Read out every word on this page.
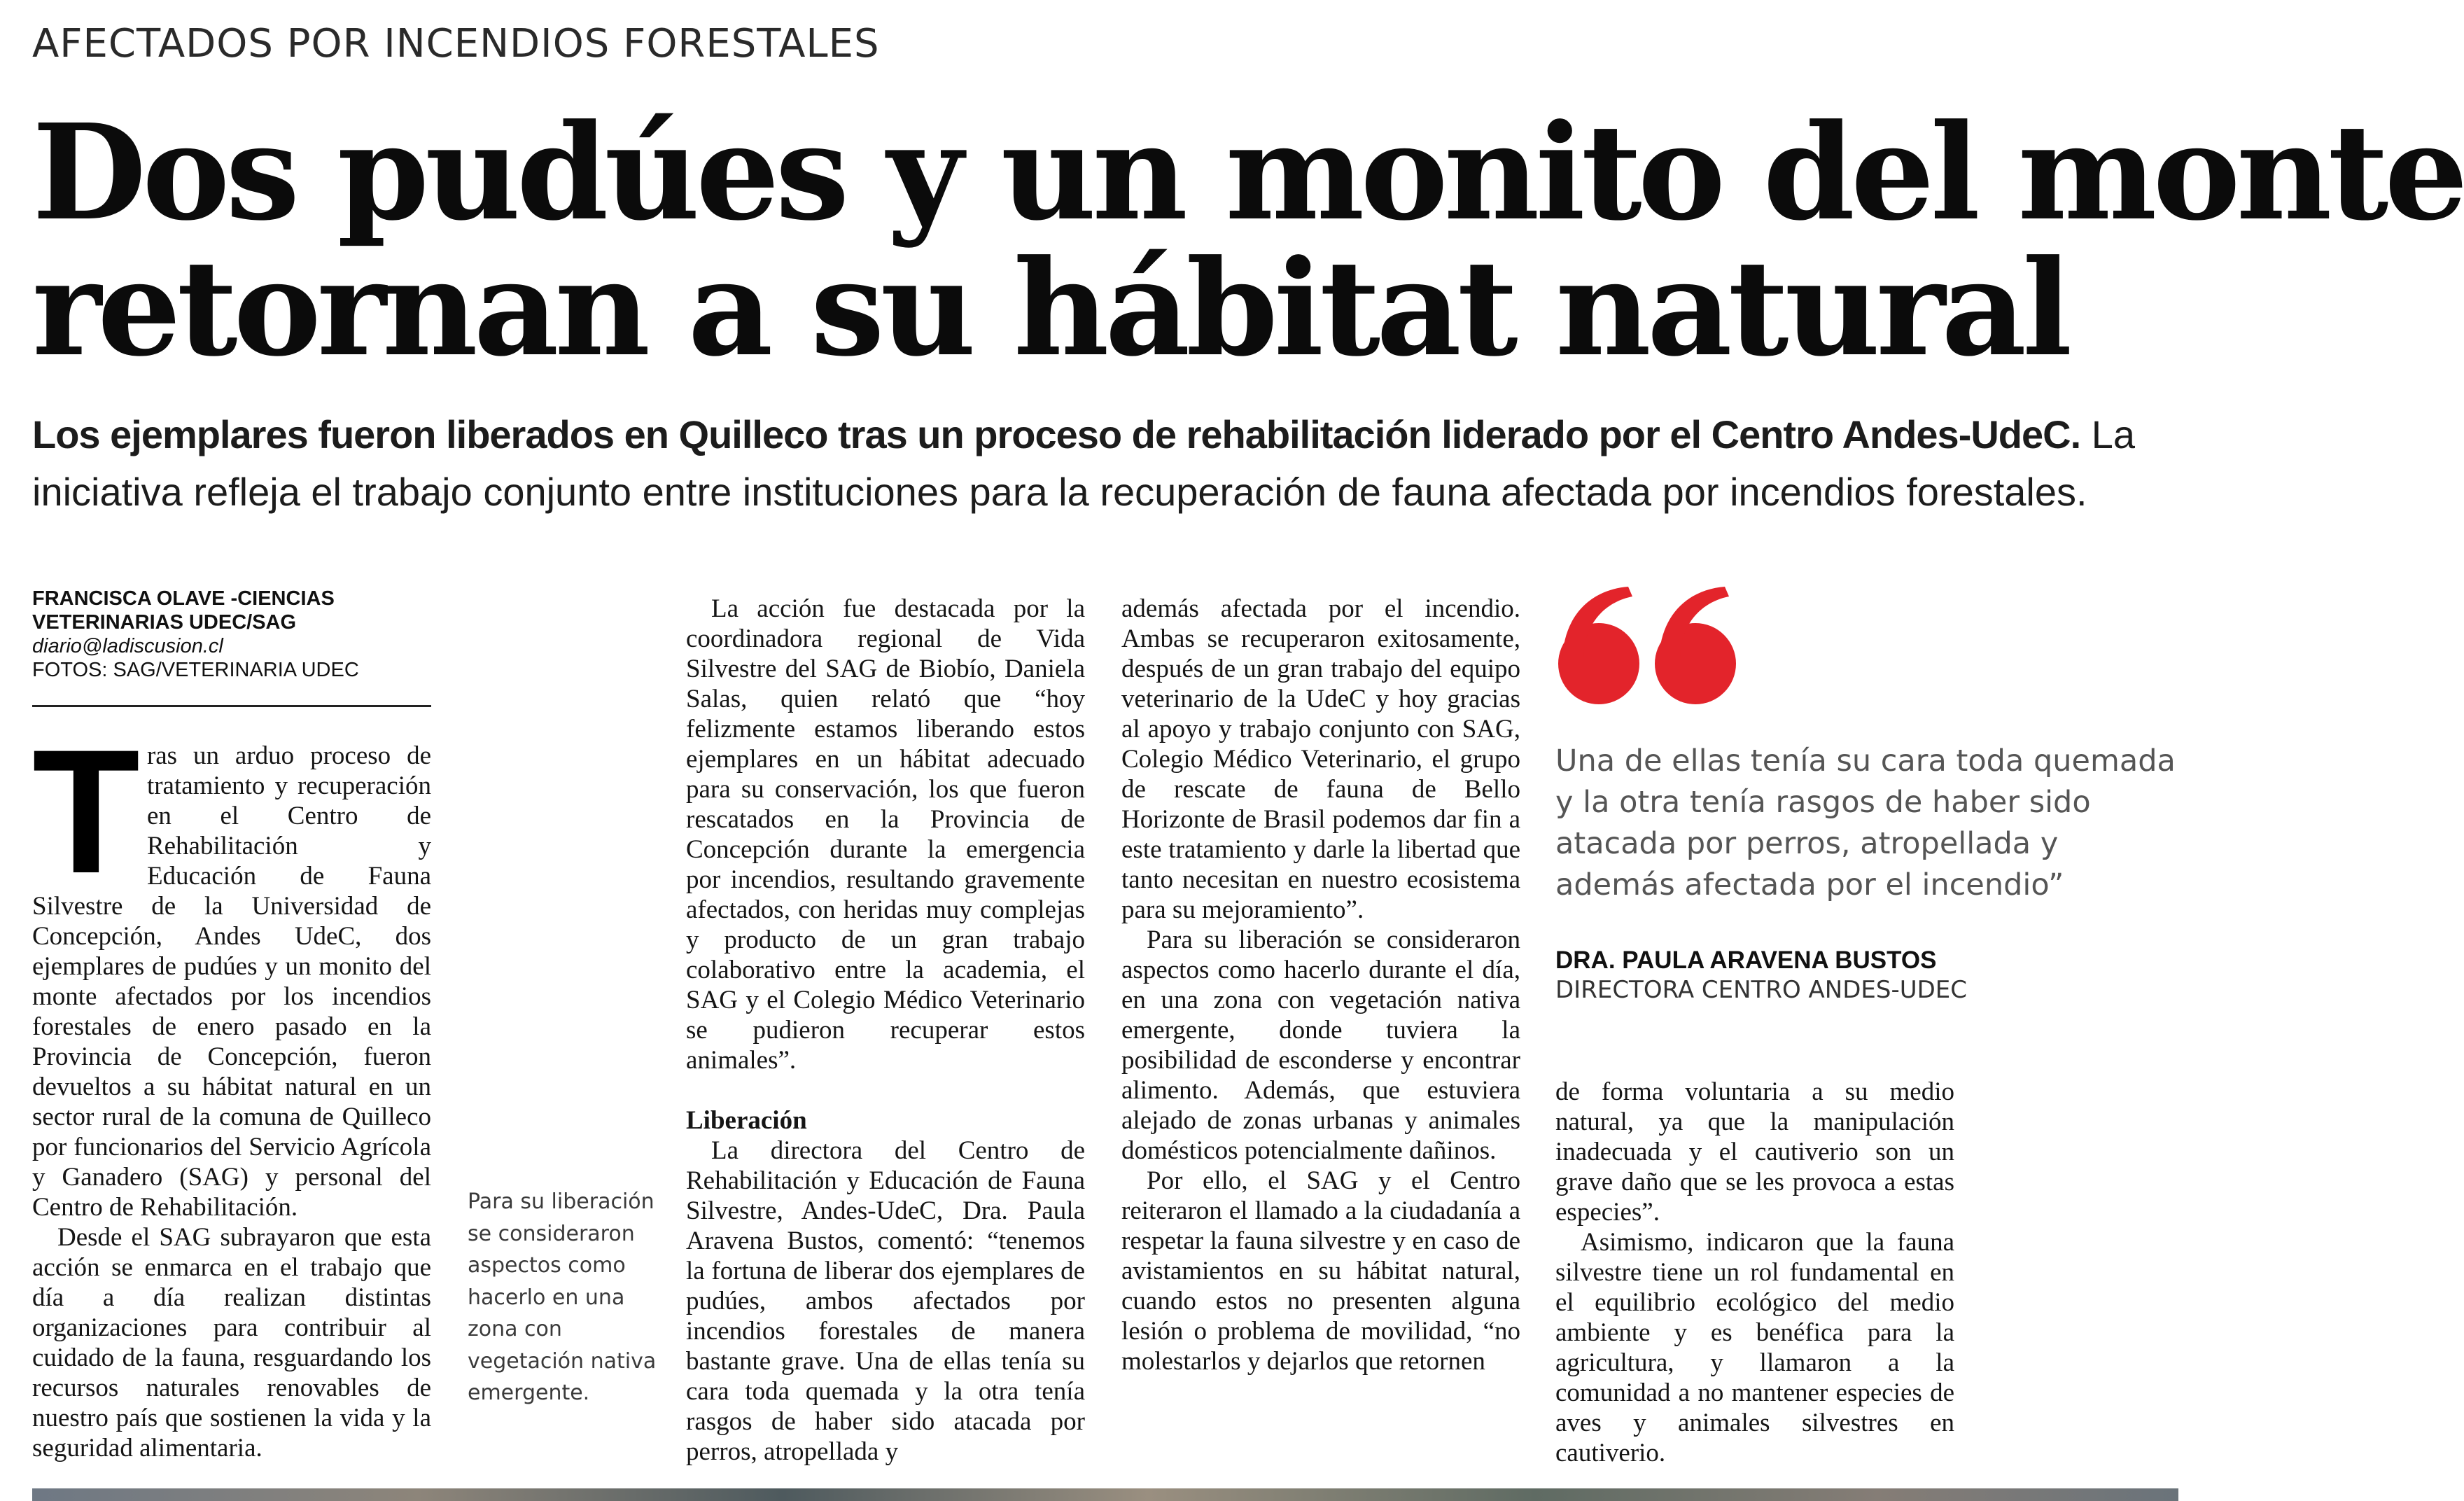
AFECTADOS POR INCENDIOS FORESTALES
Dos pudúes y un monito del monte
retornan a su hábitat natural
Los ejemplares fueron liberados en Quilleco tras un proceso de rehabilitación liderado por el Centro Andes-UdeC. La iniciativa refleja el trabajo conjunto entre instituciones para la recuperación de fauna afectada por incendios forestales.
FRANCISCA OLAVE -CIENCIAS VETERINARIAS UDEC/SAG
diario@ladiscusion.cl
FOTOS: SAG/VETERINARIA UDEC

Tras un arduo proceso de tratamiento y recuperación en el Centro de Rehabilitación y Educación de Fauna Silvestre de la Universidad de Concepción, Andes UdeC, dos ejemplares de pudúes y un monito del monte afectados por los incendios forestales de enero pasado en la Provincia de Concepción, fueron devueltos a su hábitat natural en un sector rural de la comuna de Quilleco por funcionarios del Servicio Agrícola y Ganadero (SAG) y personal del Centro de Rehabilitación.

Desde el SAG subrayaron que esta acción se enmarca en el trabajo que día a día realizan distintas organizaciones para contribuir al cuidado de la fauna, resguardando los recursos naturales renovables de nuestro país que sostienen la vida y la seguridad alimentaria.

Para su liberación se consideraron aspectos como hacerlo en una zona con vegetación nativa emergente.

La acción fue destacada por la coordinadora regional de Vida Silvestre del SAG de Biobío, Daniela Salas, quien relató que “hoy felizmente estamos liberando estos ejemplares en un hábitat adecuado para su conservación, los que fueron rescatados en la Provincia de Concepción durante la emergencia por incendios, resultando gravemente afectados, con heridas muy complejas y producto de un gran trabajo colaborativo entre la academia, el SAG y el Colegio Médico Veterinario se pudieron recuperar estos animales”.

Liberación

La directora del Centro de Rehabilitación y Educación de Fauna Silvestre, Andes-UdeC, Dra. Paula Aravena Bustos, comentó: “tenemos la fortuna de liberar dos ejemplares de pudúes, ambos afectados por incendios forestales de manera bastante grave. Una de ellas tenía su cara toda quemada y la otra tenía rasgos de haber sido atacada por perros, atropellada y

además afectada por el incendio. Ambas se recuperaron exitosamente, después de un gran trabajo del equipo veterinario de la UdeC y hoy gracias al apoyo y trabajo conjunto con SAG, Colegio Médico Veterinario, el grupo de rescate de fauna de Bello Horizonte de Brasil podemos dar fin a este tratamiento y darle la libertad que tanto necesitan en nuestro ecosistema para su mejoramiento”.

Para su liberación se consideraron aspectos como hacerlo durante el día, en una zona con vegetación nativa emergente, donde tuviera la posibilidad de esconderse y encontrar alimento. Además, que estuviera alejado de zonas urbanas y animales domésticos potencialmente dañinos.

Por ello, el SAG y el Centro reiteraron el llamado a la ciudadanía a respetar la fauna silvestre y en caso de avistamientos en su hábitat natural, cuando estos no presenten alguna lesión o problema de movilidad, “no molestarlos y dejarlos que retornen

Una de ellas tenía su cara toda quemada y la otra tenía rasgos de haber sido atacada por perros, atropellada y además afectada por el incendio”
DRA. PAULA ARAVENA BUSTOS
DIRECTORA CENTRO ANDES-UDEC

de forma voluntaria a su medio natural, ya que la manipulación inadecuada y el cautiverio son un grave daño que se les provoca a estas especies”.

Asimismo, indicaron que la fauna silvestre tiene un rol fundamental en el equilibrio ecológico del medio ambiente y es benéfica para la agricultura, y llamaron a la comunidad a no mantener especies de aves y animales silvestres en cautiverio.
